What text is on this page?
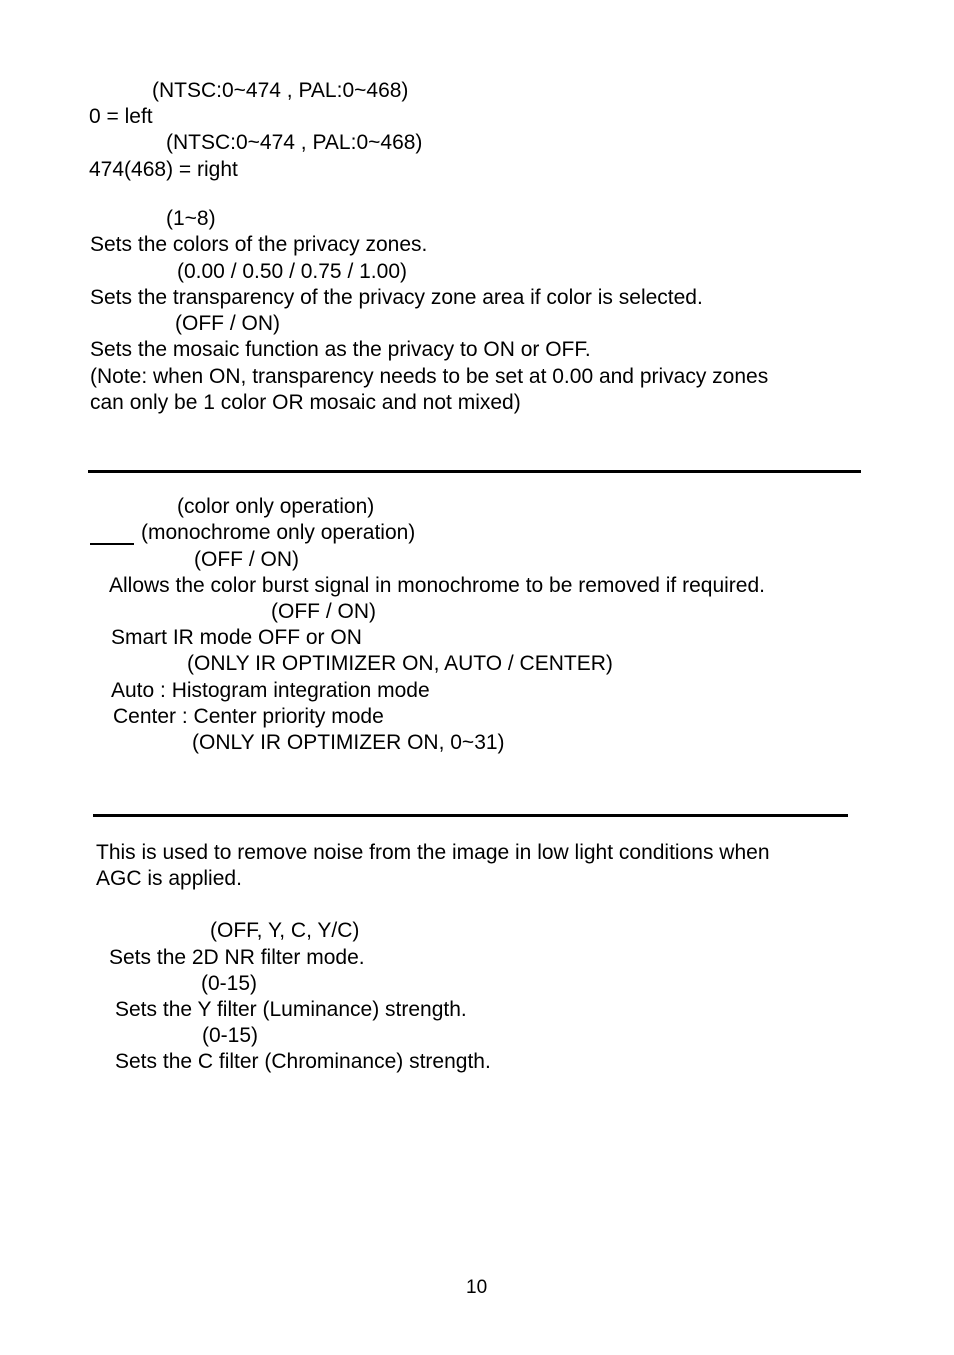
(NTSC:0~474 , PAL:0~468)
0 = left
(NTSC:0~474 , PAL:0~468)
474(468) = right
(1~8)
Sets the colors of the privacy zones.
(0.00 / 0.50 / 0.75 / 1.00)
Sets the transparency of the privacy zone area if color is selected.
(OFF / ON)
Sets the mosaic function as the privacy to ON or OFF.
(Note: when ON, transparency needs to be set at 0.00 and privacy zones
can only be 1 color OR mosaic and not mixed)
(color only operation)
(monochrome only operation)
(OFF / ON)
Allows the color burst signal in monochrome to be removed if required.
(OFF / ON)
Smart IR mode OFF or ON
(ONLY IR OPTIMIZER ON, AUTO / CENTER)
Auto : Histogram integration mode
Center : Center priority mode
(ONLY IR OPTIMIZER ON, 0~31)
This is used to remove noise from the image in low light conditions when
AGC is applied.
(OFF, Y, C, Y/C)
Sets the 2D NR filter mode.
(0-15)
Sets the Y filter (Luminance) strength.
(0-15)
Sets the C filter (Chrominance) strength.
10
